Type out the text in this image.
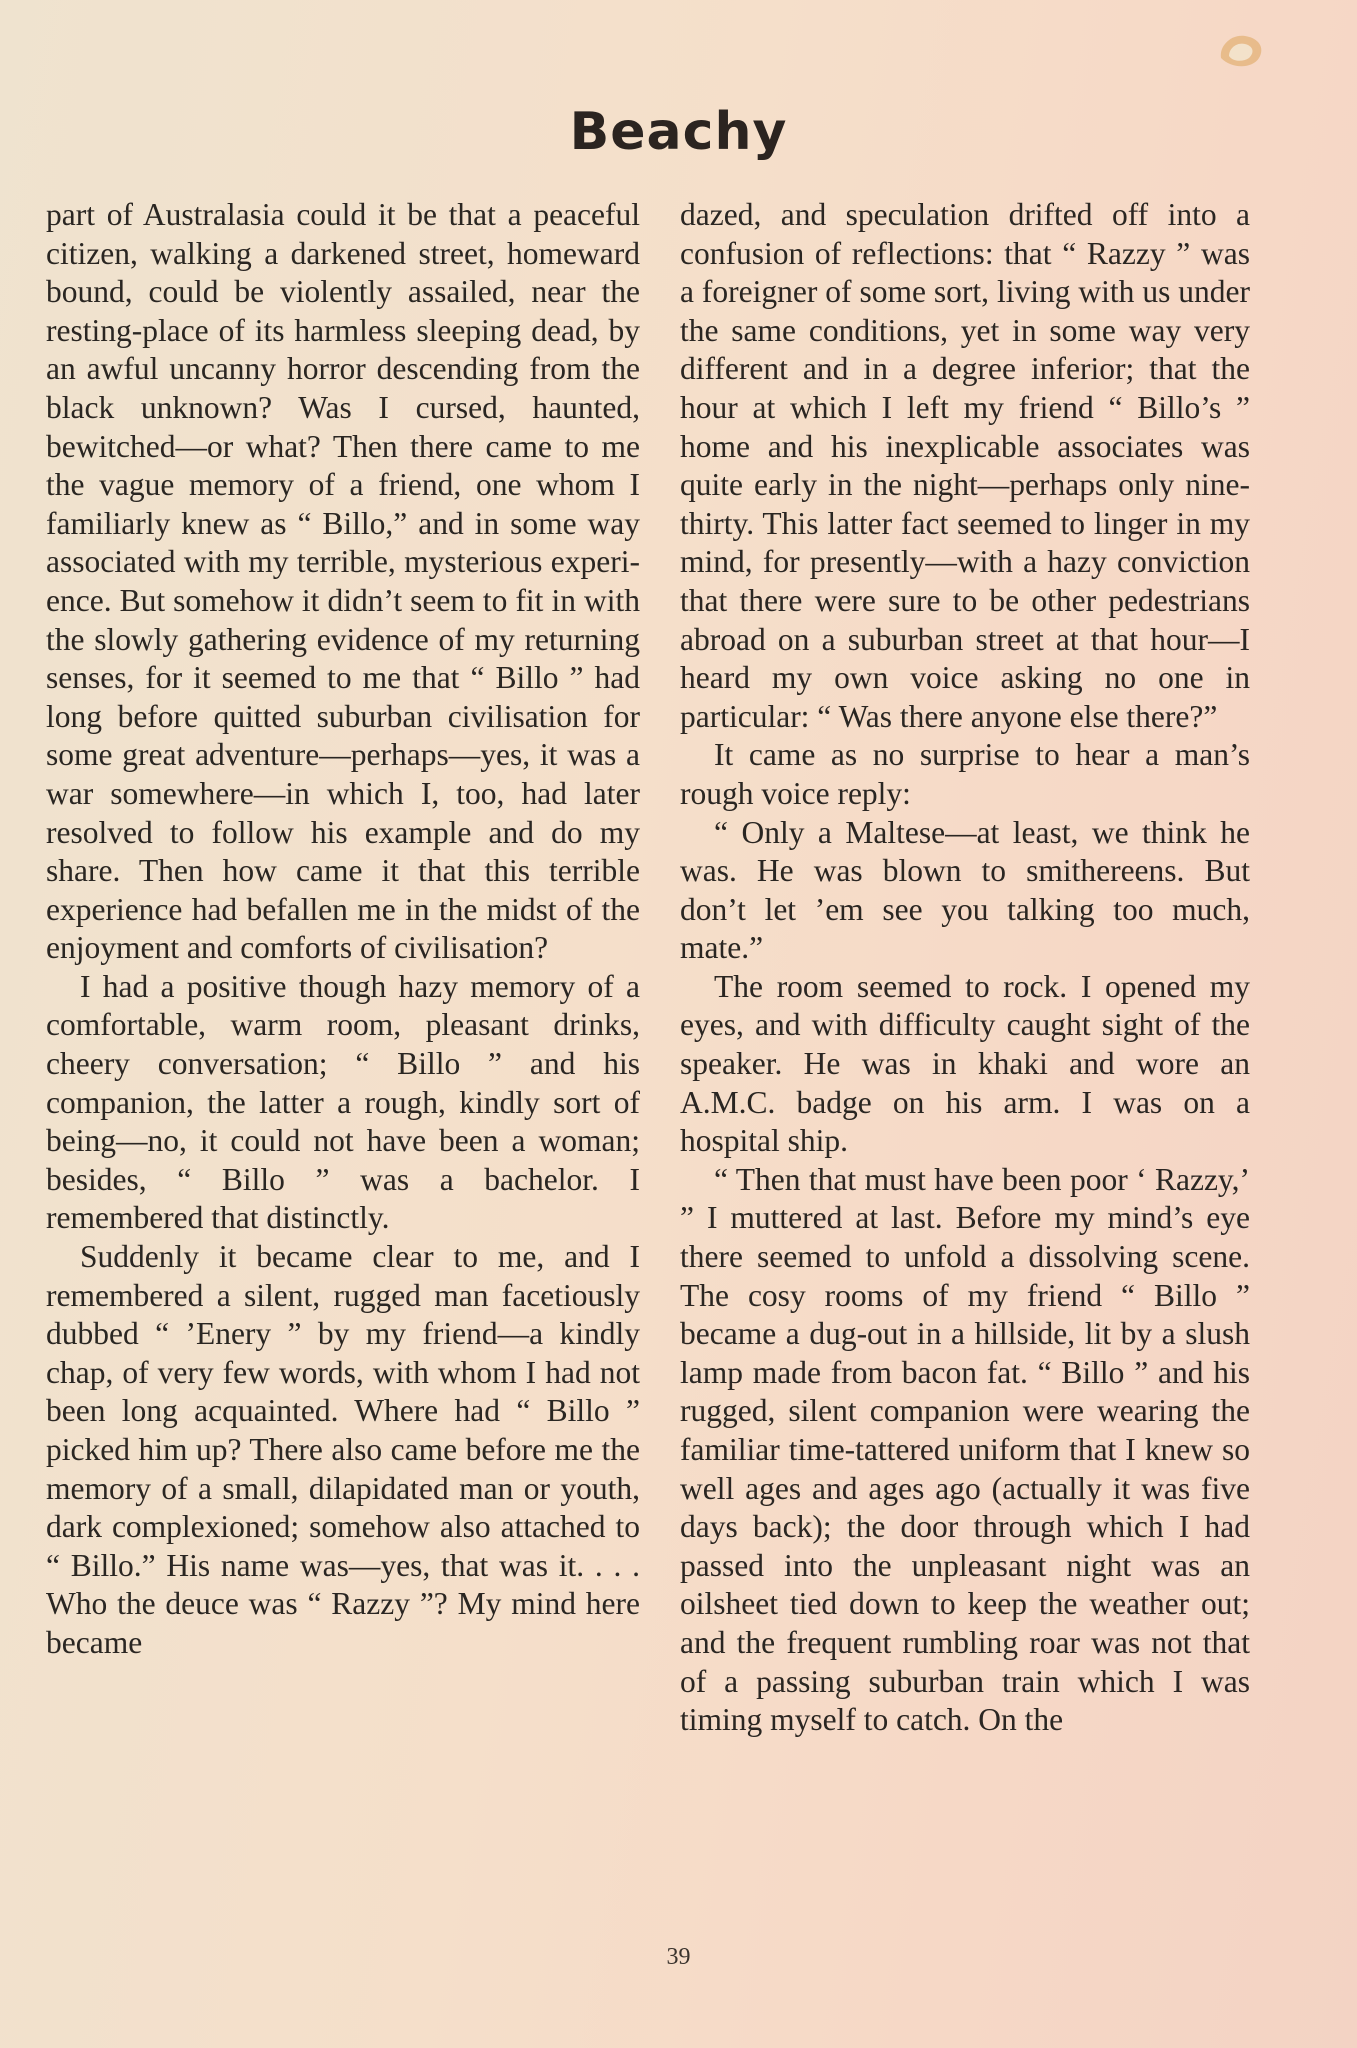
Beachy

part of Australasia could it be that a peaceful citizen, walking a darkened street, homeward bound, could be violently assailed, near the resting-place of its harmless sleeping dead, by an awful uncanny horror descending from the black unknown? Was I cursed, haunted, bewitched—or what? Then there came to me the vague memory of a friend, one whom I familiarly knew as “ Billo,” and in some way associated with my terrible, mysterious experience. But somehow it didn’t seem to fit in with the slowly gathering evidence of my returning senses, for it seemed to me that “ Billo ” had long before quitted suburban civilisation for some great adventure—perhaps—yes, it was a war somewhere—in which I, too, had later resolved to follow his example and do my share. Then how came it that this terrible experience had befallen me in the midst of the enjoyment and comforts of civilisation?

I had a positive though hazy memory of a comfortable, warm room, pleasant drinks, cheery conversation; “ Billo ” and his companion, the latter a rough, kindly sort of being—no, it could not have been a woman; besides, “ Billo ” was a bachelor. I remembered that distinctly.

Suddenly it became clear to me, and I remembered a silent, rugged man facetiously dubbed “ ’Enery ” by my friend—a kindly chap, of very few words, with whom I had not been long acquainted. Where had “ Billo ” picked him up? There also came before me the memory of a small, dilapidated man or youth, dark complexioned; somehow also attached to “ Billo.” His name was—yes, that was it. . . . Who the deuce was “ Razzy ”? My mind here became

dazed, and speculation drifted off into a confusion of reflections: that “ Razzy ” was a foreigner of some sort, living with us under the same conditions, yet in some way very different and in a degree inferior; that the hour at which I left my friend “ Billo’s ” home and his inexplicable associates was quite early in the night—perhaps only nine-thirty. This latter fact seemed to linger in my mind, for presently—with a hazy conviction that there were sure to be other pedestrians abroad on a suburban street at that hour—I heard my own voice asking no one in particular: “ Was there anyone else there?”

It came as no surprise to hear a man’s rough voice reply:

“ Only a Maltese—at least, we think he was. He was blown to smithereens. But don’t let ’em see you talking too much, mate.”

The room seemed to rock. I opened my eyes, and with difficulty caught sight of the speaker. He was in khaki and wore an A.M.C. badge on his arm. I was on a hospital ship.

“ Then that must have been poor ‘ Razzy,’ ” I muttered at last. Before my mind’s eye there seemed to unfold a dissolving scene. The cosy rooms of my friend “ Billo ” became a dug-out in a hillside, lit by a slush lamp made from bacon fat. “ Billo ” and his rugged, silent companion were wearing the familiar time-tattered uniform that I knew so well ages and ages ago (actually it was five days back); the door through which I had passed into the unpleasant night was an oilsheet tied down to keep the weather out; and the frequent rumbling roar was not that of a passing suburban train which I was timing myself to catch. On the

39
